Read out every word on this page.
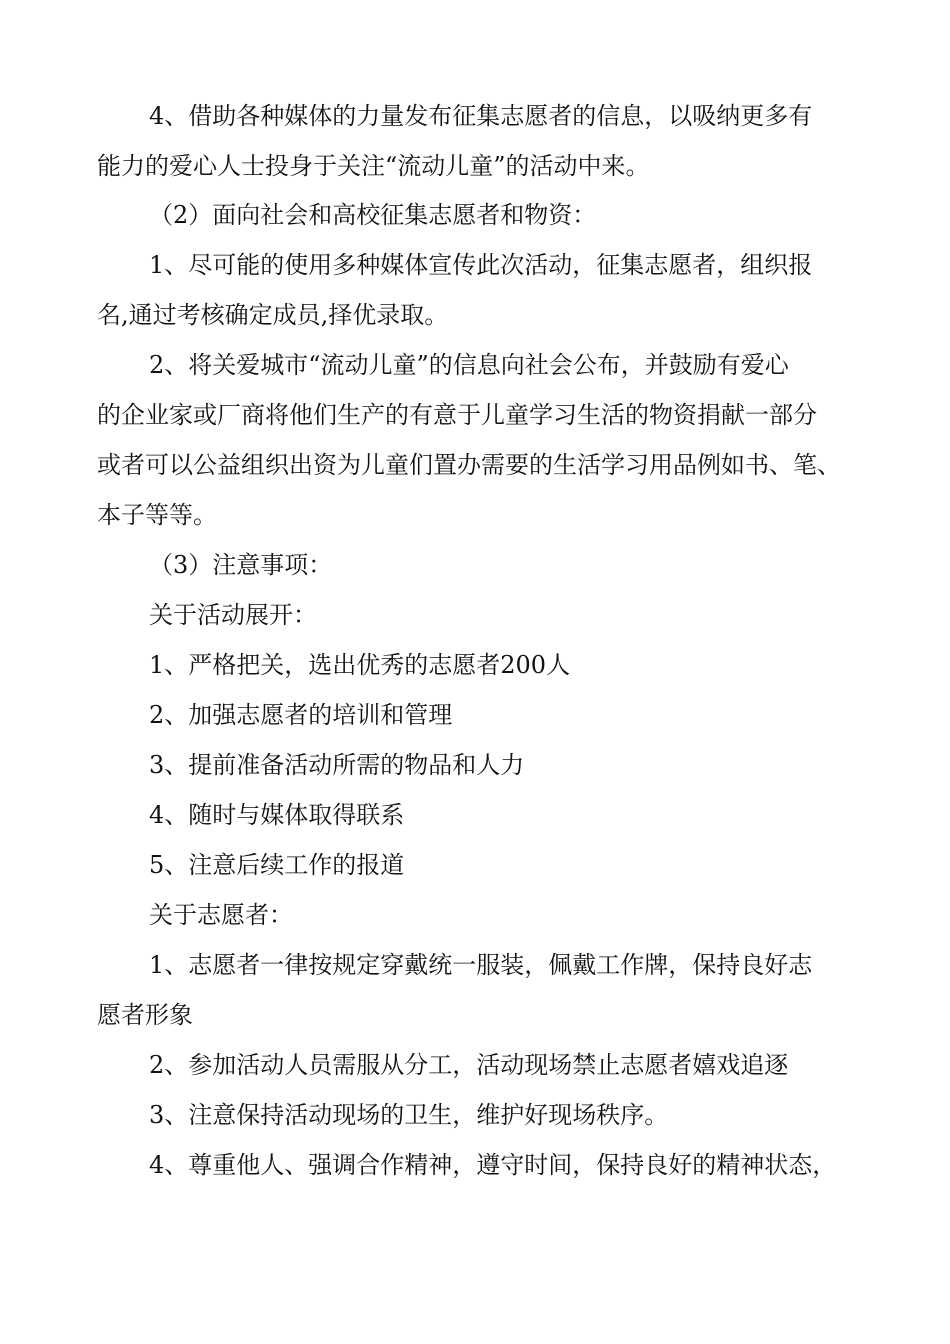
4、借助各种媒体的力量发布征集志愿者的信息，以吸纳更多有
能力的爱心人士投身于关注“流动儿童”的活动中来。
（2）面向社会和高校征集志愿者和物资：
1、尽可能的使用多种媒体宣传此次活动，征集志愿者，组织报
名,通过考核确定成员,择优录取。
2、将关爱城市“流动儿童”的信息向社会公布，并鼓励有爱心
的企业家或厂商将他们生产的有意于儿童学习生活的物资捐献一部分
或者可以公益组织出资为儿童们置办需要的生活学习用品例如书、笔、
本子等等。
（3）注意事项：
关于活动展开：
1、严格把关，选出优秀的志愿者200人
2、加强志愿者的培训和管理
3、提前准备活动所需的物品和人力
4、随时与媒体取得联系
5、注意后续工作的报道
关于志愿者：
1、志愿者一律按规定穿戴统一服装，佩戴工作牌，保持良好志
愿者形象
2、参加活动人员需服从分工，活动现场禁止志愿者嬉戏追逐
3、注意保持活动现场的卫生，维护好现场秩序。
4、尊重他人、强调合作精神，遵守时间，保持良好的精神状态，
